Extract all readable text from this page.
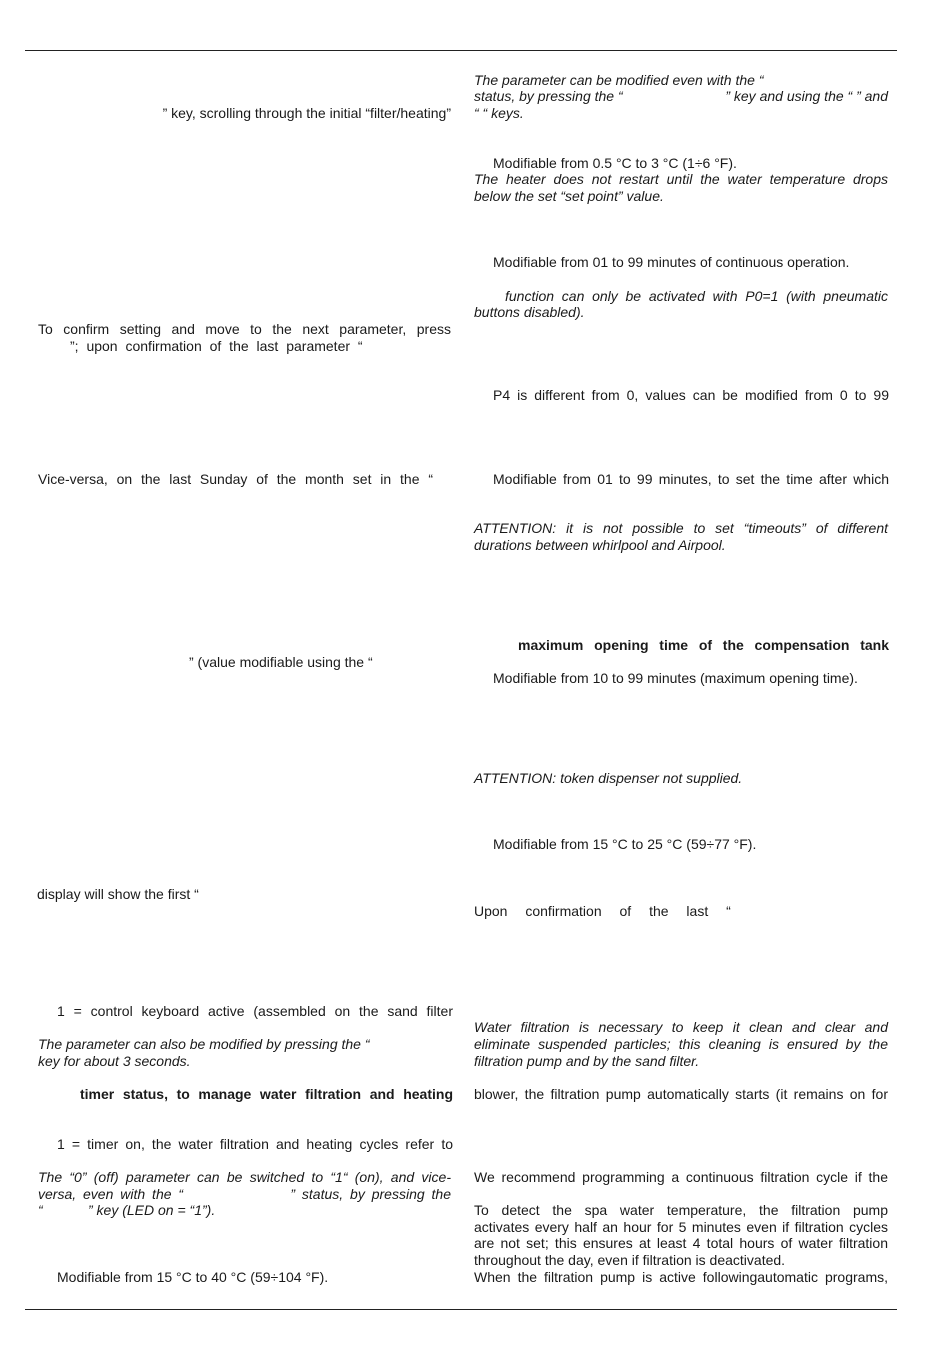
” key, scrolling through the initial “filter/heating”
To confirm setting and move to the next parameter, press
”; upon confirmation of the last parameter “
Vice-versa, on the last Sunday of the month set in the “
” (value modifiable using the “
display will show the first “
1 = control keyboard active (assembled on the sand filter
The parameter can also be modified by pressing the “
key for about 3 seconds.
timer status, to manage water filtration and heating
1 = timer on, the water filtration and heating cycles refer to
The “0” (off) parameter can be switched to “1“ (on), and vice-
versa, even with the “	” status, by pressing the
“	” key (LED on = “1”).
Modifiable from 15 °C to 40 °C (59÷104 °F).
The parameter can be modified even with the “
status, by pressing the “	” key and using the “ ” and
“ “ keys.
Modifiable from 0.5 °C to 3 °C (1÷6 °F).
The heater does not restart until the water temperature drops
below the set “set point” value.
Modifiable from 01 to 99 minutes of continuous operation.
function can only be activated with P0=1 (with pneumatic
buttons disabled).
P4 is different from 0, values can be modified from 0 to 99
Modifiable from 01 to 99 minutes, to set the time after which
ATTENTION: it is not possible to set “timeouts” of different
durations between whirlpool and Airpool.
maximum opening time of the compensation tank
Modifiable from 10 to 99 minutes (maximum opening time).
ATTENTION: token dispenser not supplied.
Modifiable from 15 °C to 25 °C (59÷77 °F).
Upon confirmation of the last “
Water filtration is necessary to keep it clean and clear and
eliminate suspended particles; this cleaning is ensured by the
filtration pump and by the sand filter.
blower, the filtration pump automatically starts (it remains on for
We recommend programming a continuous filtration cycle if the
To detect the spa water temperature, the filtration pump
activates every half an hour for 5 minutes even if filtration cycles
are not set; this ensures at least 4 total hours of water filtration
throughout the day, even if filtration is deactivated.
When the filtration pump is active followingautomatic programs,
